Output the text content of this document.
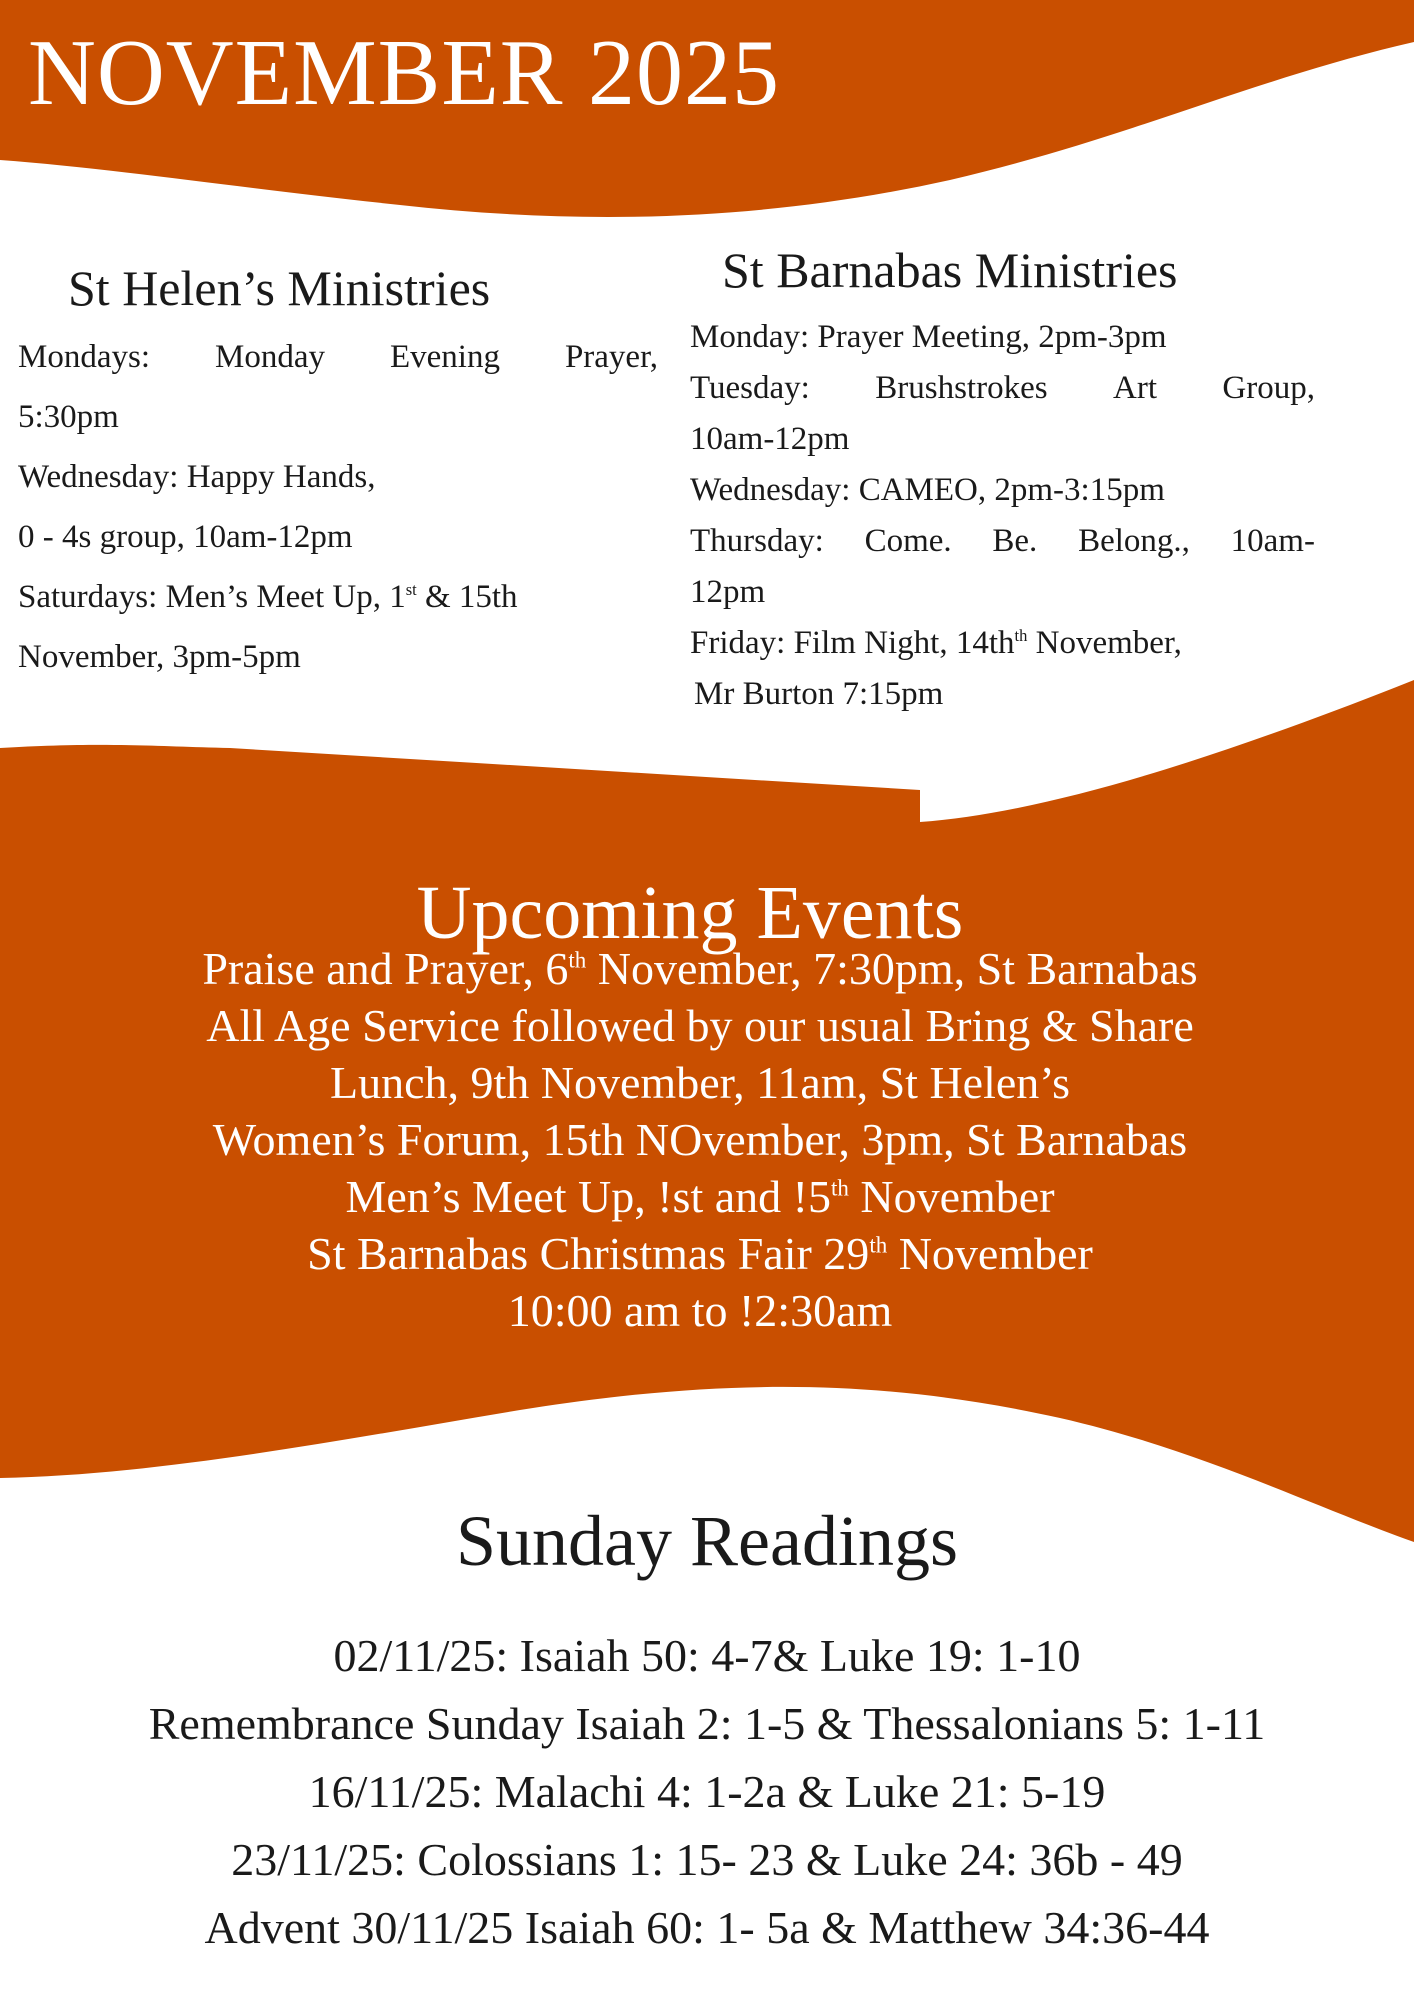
NOVEMBER 2025
St Helen’s Ministries
Mondays: Monday Evening Prayer,
5:30pm
Wednesday: Happy Hands,
0 - 4s group, 10am-12pm
Saturdays: Men’s Meet Up, 1st & 15th
November, 3pm-5pm
St Barnabas Ministries
Monday: Prayer Meeting, 2pm-3pm
Tuesday: Brushstrokes Art Group,
10am-12pm
Wednesday: CAMEO, 2pm-3:15pm
Thursday: Come. Be. Belong., 10am-
12pm
Friday: Film Night, $14th^{th}$ November,
Mr Burton 7:15pm
Upcoming Events
Praise and Prayer, 6th November, 7:30pm, St Barnabas
All Age Service followed by our usual Bring & Share
Lunch, 9th November, 11am, St Helen’s
Women’s Forum, 15th NOvember, 3pm, St Barnabas
Men’s Meet Up, !st and !5th November
St Barnabas Christmas Fair 29th November
10:00 am to !2:30am
Sunday Readings
02/11/25: Isaiah 50: 4-7& Luke 19: 1-10
Remembrance Sunday Isaiah 2: 1-5 & Thessalonians 5: 1-11
16/11/25: Malachi 4: 1-2a & Luke 21: 5-19
23/11/25: Colossians 1: 15- 23 & Luke 24: 36b - 49
Advent 30/11/25 Isaiah 60: 1- 5a & Matthew 34:36-44
